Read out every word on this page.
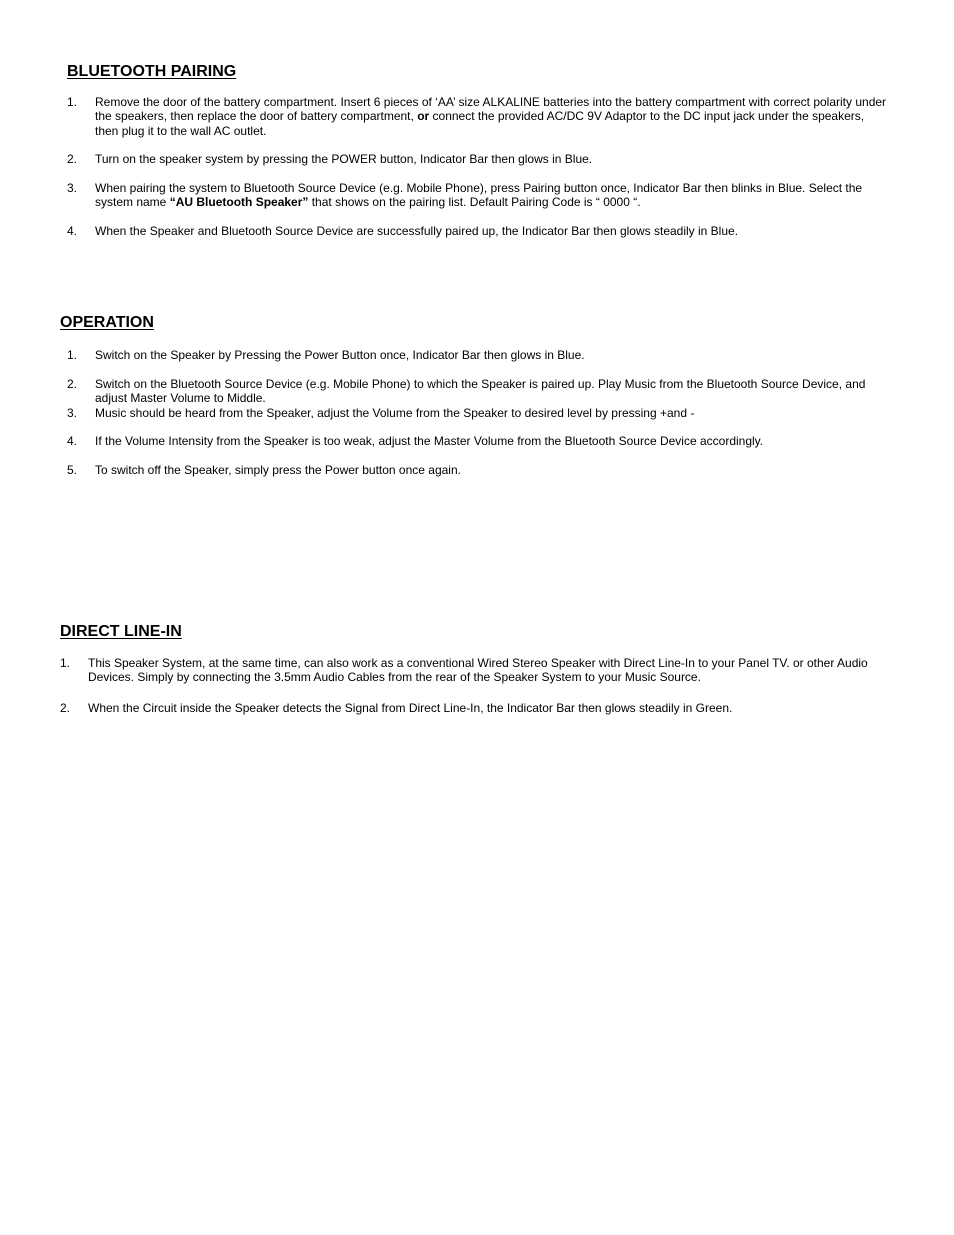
BLUETOOTH PAIRING
1. Remove the door of the battery compartment. Insert 6 pieces of ‘AA’ size ALKALINE batteries into the battery compartment with correct polarity under the speakers, then replace the door of battery compartment, or connect the provided AC/DC 9V Adaptor to the DC input jack under the speakers, then plug it to the wall AC outlet.
2. Turn on the speaker system by pressing the POWER button, Indicator Bar then glows in Blue.
3. When pairing the system to Bluetooth Source Device (e.g. Mobile Phone), press Pairing button once, Indicator Bar then blinks in Blue. Select the system name “AU Bluetooth Speaker” that shows on the pairing list. Default Pairing Code is “ 0000 “.
4. When the Speaker and Bluetooth Source Device are successfully paired up, the Indicator Bar then glows steadily in Blue.
OPERATION
1. Switch on the Speaker by Pressing the Power Button once, Indicator Bar then glows in Blue.
2. Switch on the Bluetooth Source Device (e.g. Mobile Phone) to which the Speaker is paired up. Play Music from the Bluetooth Source Device, and adjust Master Volume to Middle.
3. Music should be heard from the Speaker, adjust the Volume from the Speaker to desired level by pressing +and -
4. If the Volume Intensity from the Speaker is too weak, adjust the Master Volume from the Bluetooth Source Device accordingly.
5. To switch off the Speaker, simply press the Power button once again.
DIRECT LINE-IN
1. This Speaker System, at the same time, can also work as a conventional Wired Stereo Speaker with Direct Line-In to your Panel TV. or other Audio Devices. Simply by connecting the 3.5mm Audio Cables from the rear of the Speaker System to your Music Source.
2. When the Circuit inside the Speaker detects the Signal from Direct Line-In, the Indicator Bar then glows steadily in Green.
